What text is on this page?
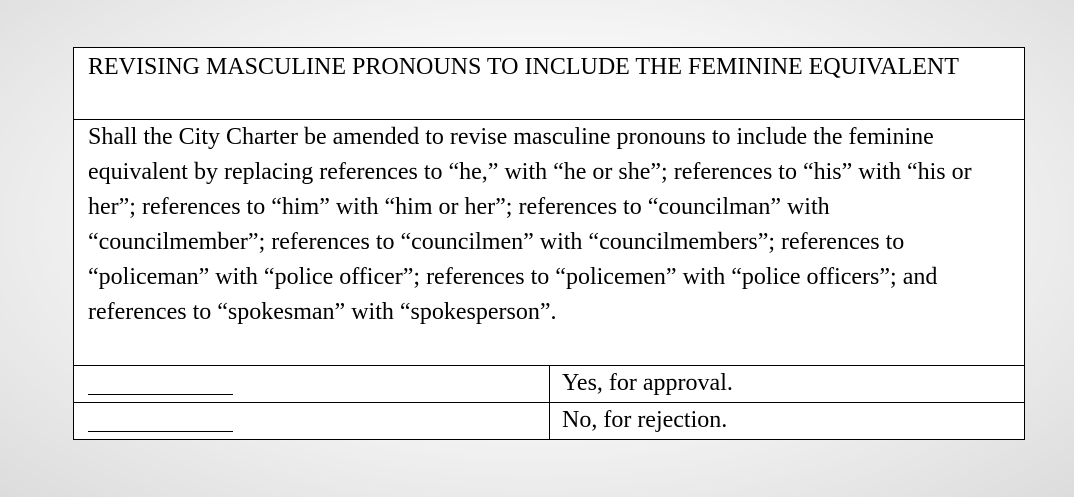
REVISING MASCULINE PRONOUNS TO INCLUDE THE FEMININE EQUIVALENT
Shall the City Charter be amended to revise masculine pronouns to include the feminine equivalent by replacing references to “he,” with “he or she”; references to “his” with “his or her”; references to “him” with “him or her”; references to “councilman” with “councilmember”; references to “councilmen” with “councilmembers”; references to “policeman” with “police officer”; references to “policemen” with “police officers”; and references to “spokesman” with “spokesperson”.
Yes, for approval.
No, for rejection.
